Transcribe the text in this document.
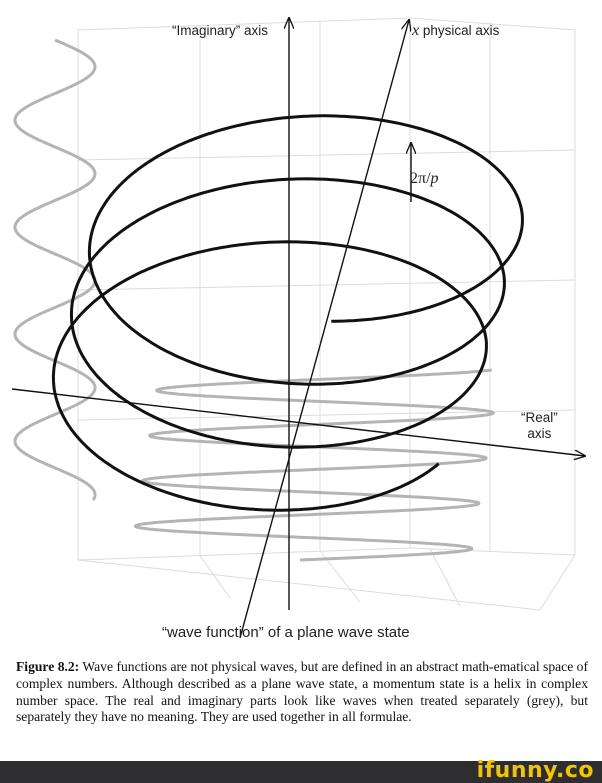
“Imaginary” axis	x physical axis
2π/p
“Real”
axis
“wave function” of a plane wave state

Figure 8.2: Wave functions are not physical waves, but are defined in an abstract math-ematical space of complex numbers. Although described as a plane wave state, a momentum state is a helix in complex number space. The real and imaginary parts look like waves when treated separately (grey), but separately they have no meaning. They are used together in all formulae.

ifunny.co
